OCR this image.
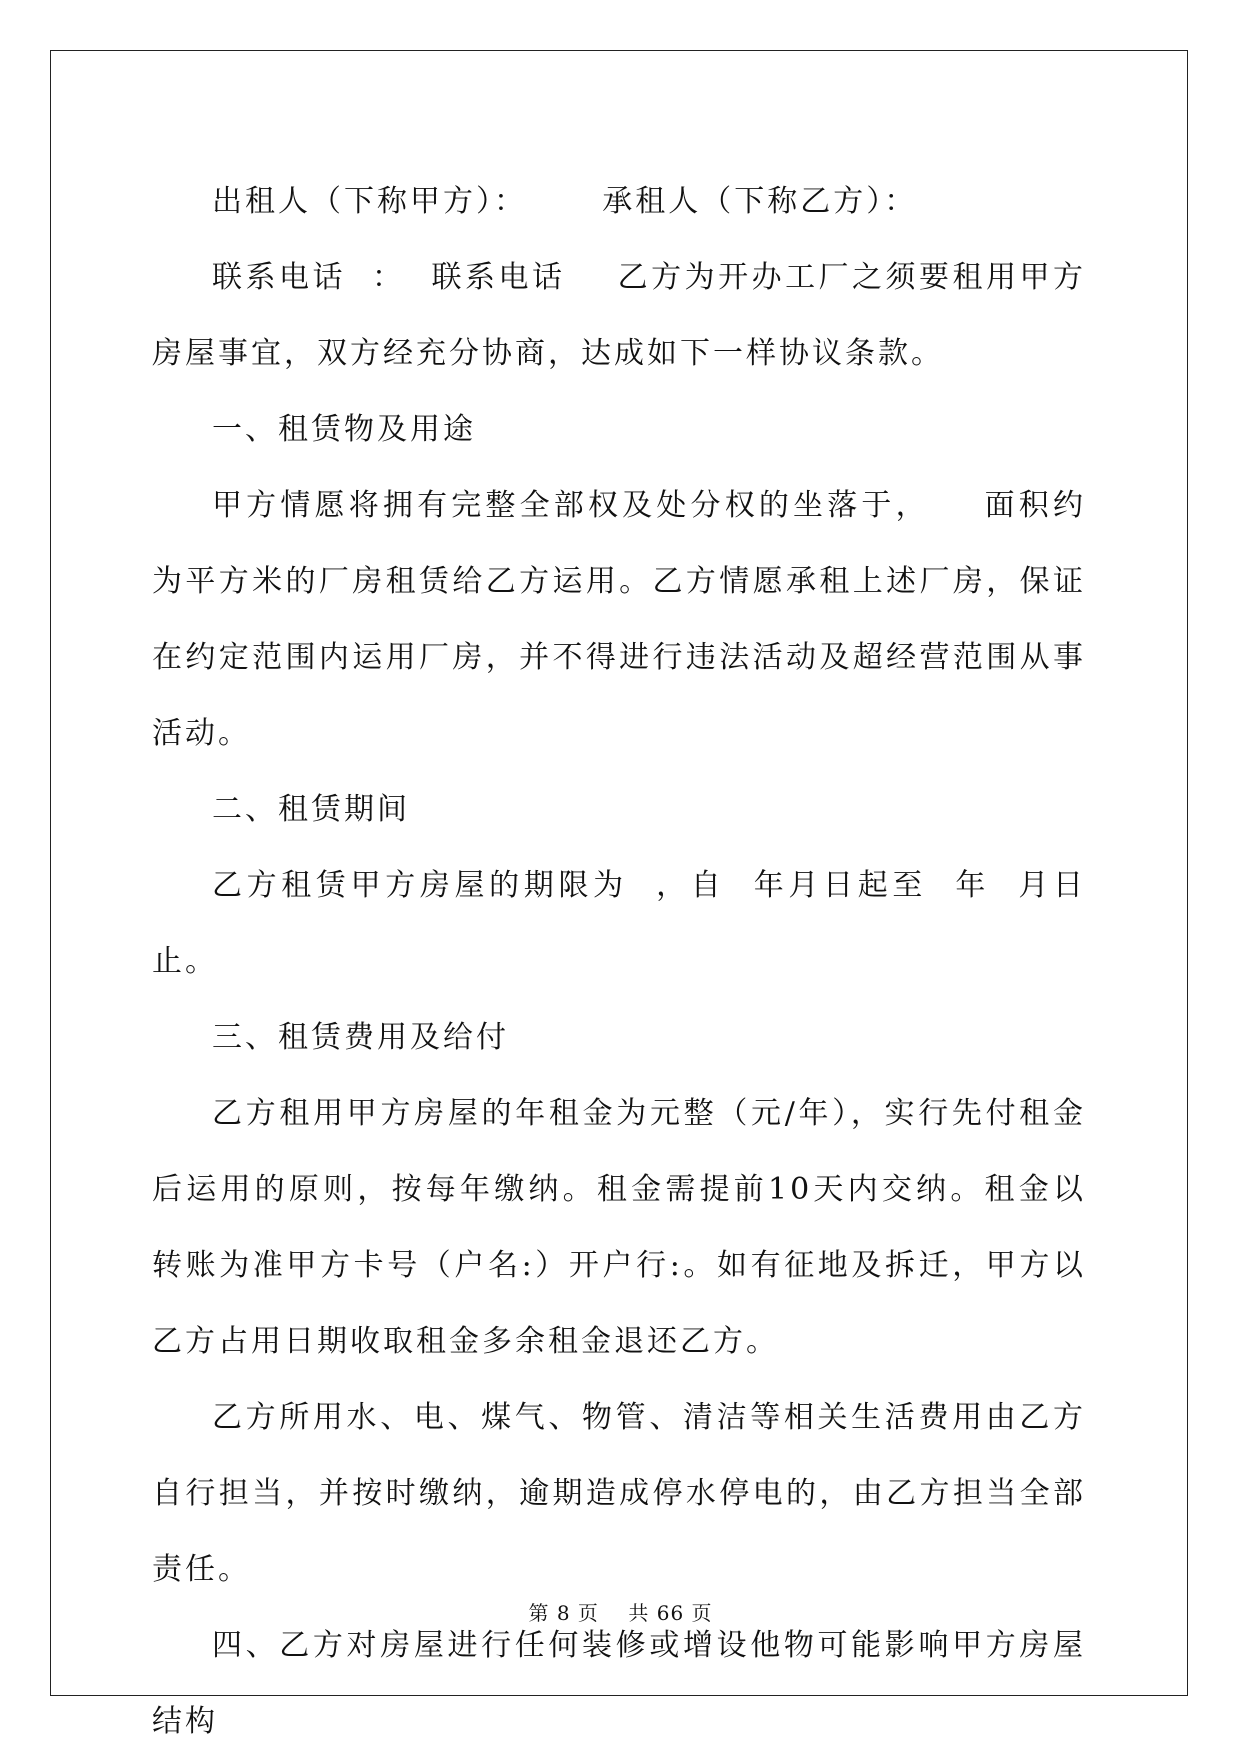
出租人（下称甲方）：      承租人（下称乙方）：

联系电话  ：  联系电话    乙方为开办工厂之须要租用甲方房屋事宜，双方经充分协商，达成如下一样协议条款。

一、租赁物及用途

甲方情愿将拥有完整全部权及处分权的坐落于，    面积约为平方米的厂房租赁给乙方运用。乙方情愿承租上述厂房，保证在约定范围内运用厂房，并不得进行违法活动及超经营范围从事活动。

二、租赁期间

乙方租赁甲方房屋的期限为  ，自  年月日起至  年  月日止。

三、租赁费用及给付

乙方租用甲方房屋的年租金为元整（元/年），实行先付租金后运用的原则，按每年缴纳。租金需提前10天内交纳。租金以转账为准甲方卡号（户名:）开户行:。如有征地及拆迁，甲方以乙方占用日期收取租金多余租金退还乙方。

乙方所用水、电、煤气、物管、清洁等相关生活费用由乙方自行担当，并按时缴纳，逾期造成停水停电的，由乙方担当全部责任。

四、乙方对房屋进行任何装修或增设他物可能影响甲方房屋结构

第 8 页 共 66 页
